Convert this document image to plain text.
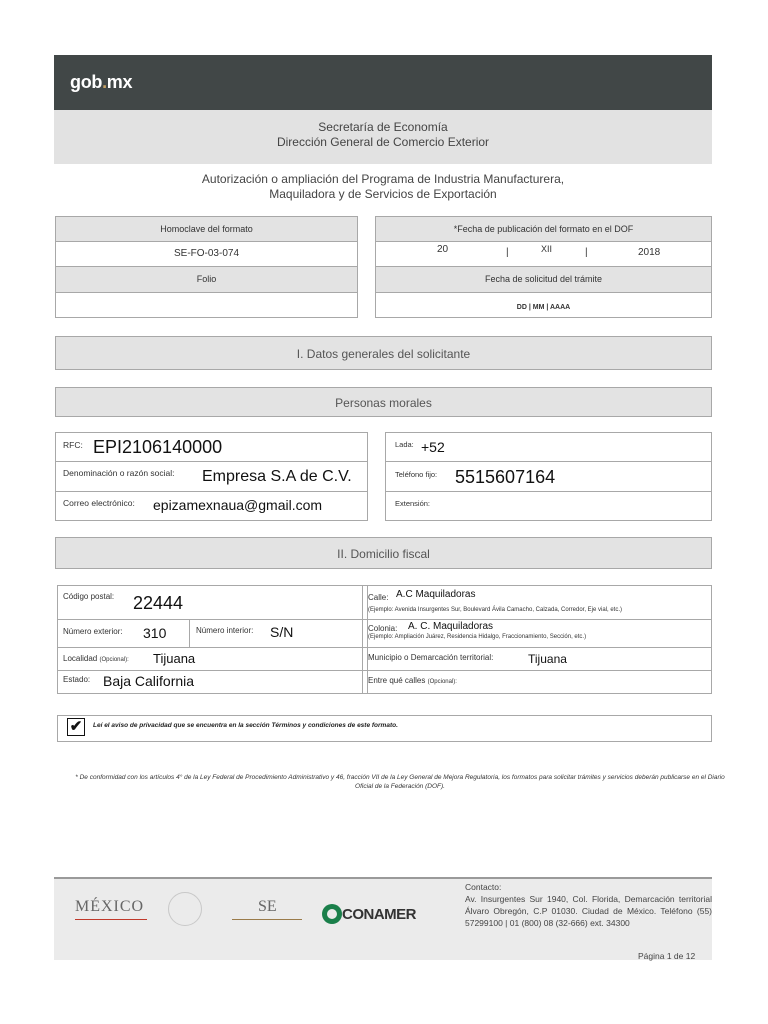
gob.mx
Secretaría de Economía
Dirección General de Comercio Exterior
Autorización o ampliación del Programa de Industria Manufacturera,
Maquiladora y de Servicios de Exportación
Homoclave del formato
SE-FO-03-074
Folio
*Fecha de publicación del formato en el DOF
20	|	XII	|	2018
Fecha de solicitud del trámite
DD | MM | AAAA
I. Datos generales del solicitante
Personas morales
RFC: EPI2106140000
Denominación o razón social: Empresa S.A de C.V.
Correo electrónico: epizamexnaua@gmail.com
Lada: +52
Teléfono fijo: 5515607164
Extensión:
II. Domicilio fiscal
Código postal: 22444
Número exterior: 310	Número interior: S/N
Localidad (Opcional): Tijuana
Estado: Baja California
Calle: A.C Maquiladoras
(Ejemplo: Avenida Insurgentes Sur, Boulevard Ávila Camacho, Calzada, Corredor, Eje vial, etc.)
Colonia: A. C. Maquiladoras
(Ejemplo: Ampliación Juárez, Residencia Hidalgo, Fraccionamiento, Sección, etc.)
Municipio o Demarcación territorial:	Tijuana
Entre qué calles (Opcional):
✔	Leí el aviso de privacidad que se encuentra en la sección Términos y condiciones de este formato.
* De conformidad con los artículos 4° de la Ley Federal de Procedimiento Administrativo y 46, fracción VII de la Ley General de Mejora Regulatoria, los formatos para solicitar trámites y servicios deberán publicarse en el Diario Oficial de la Federación (DOF).
MÉXICO	SE	CONAMER
Contacto:
Av. Insurgentes Sur 1940, Col. Florida, Demarcación territorial Álvaro Obregón, C.P 01030. Ciudad de México. Teléfono (55) 57299100 | 01 (800) 08 (32-666) ext. 34300
Página 1 de 12
